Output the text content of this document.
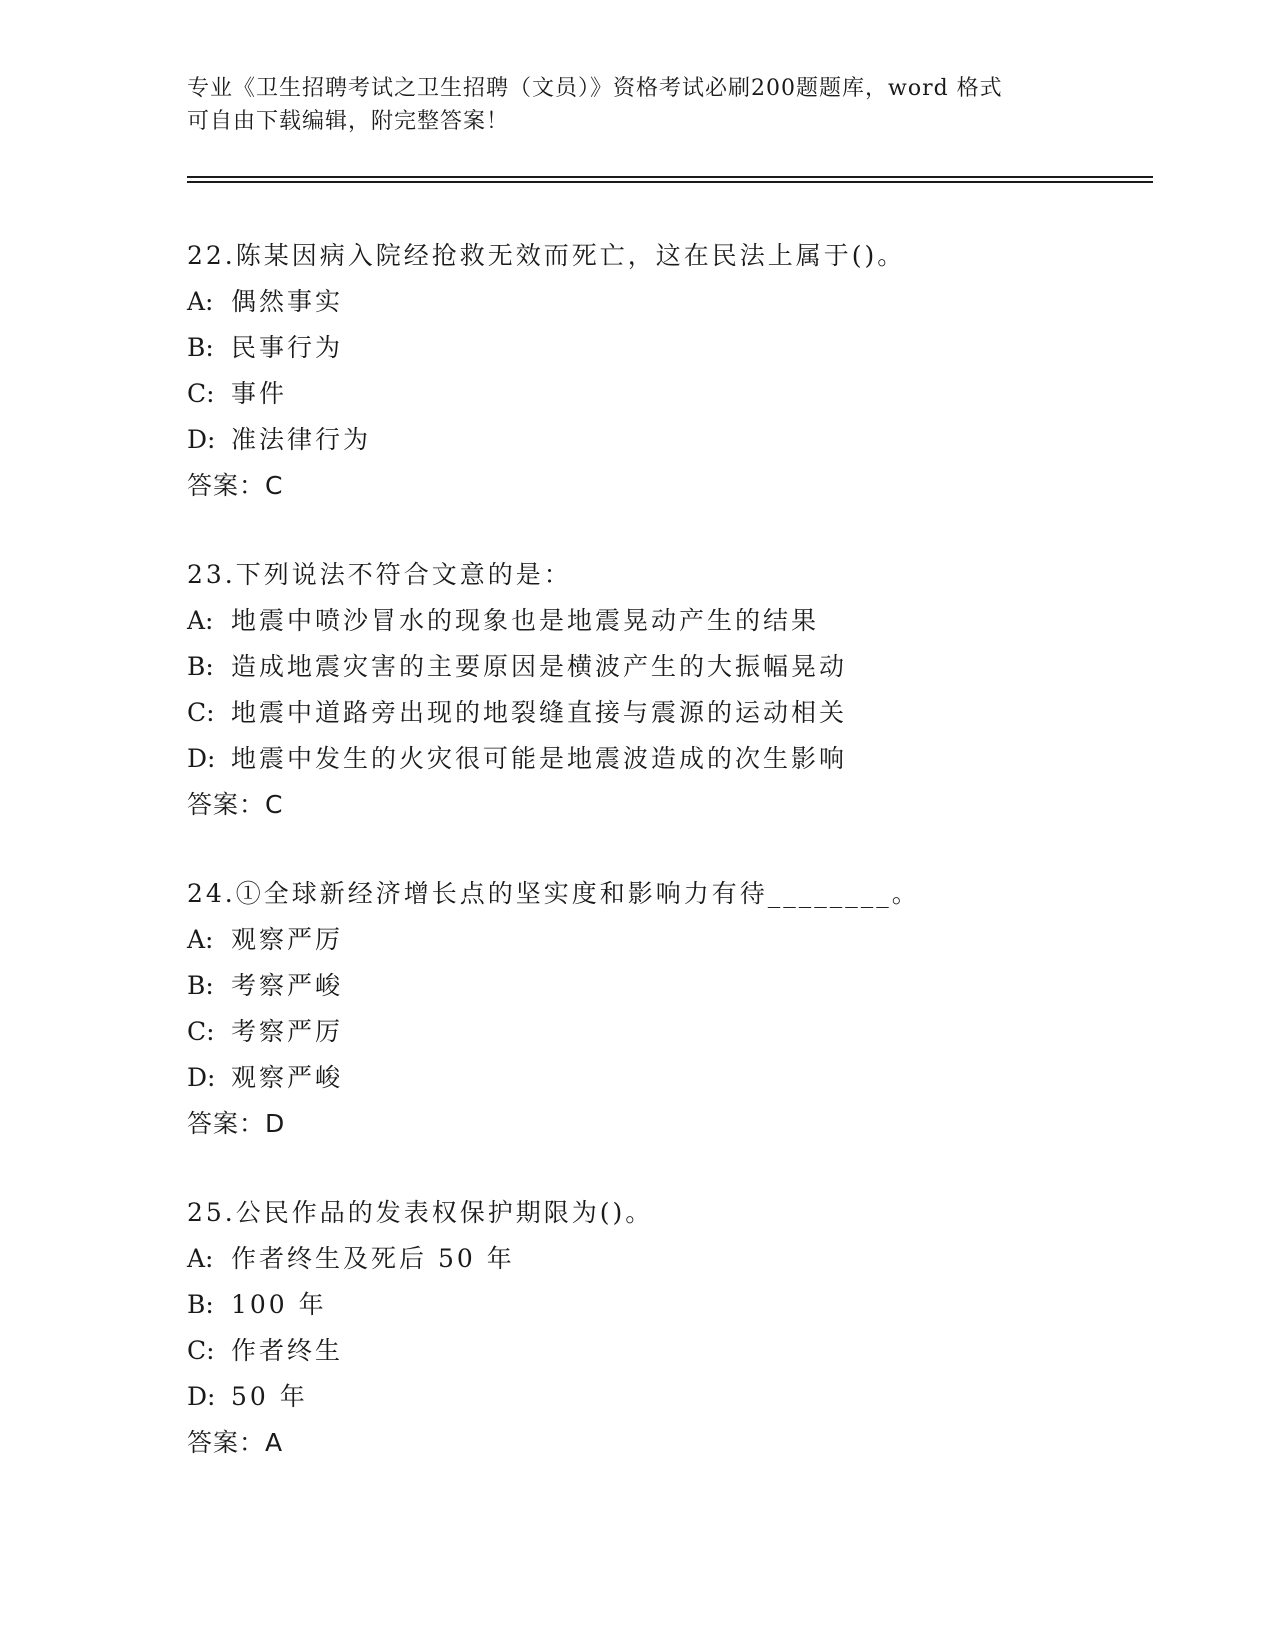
专业《卫生招聘考试之卫生招聘（文员）》资格考试必刷200题题库，word 格式
可自由下载编辑，附完整答案！
22.陈某因病入院经抢救无效而死亡，这在民法上属于()。
A: 偶然事实
B: 民事行为
C: 事件
D: 准法律行为
答案：C
23.下列说法不符合文意的是：
A: 地震中喷沙冒水的现象也是地震晃动产生的结果
B: 造成地震灾害的主要原因是横波产生的大振幅晃动
C: 地震中道路旁出现的地裂缝直接与震源的运动相关
D: 地震中发生的火灾很可能是地震波造成的次生影响
答案：C
24.①全球新经济增长点的坚实度和影响力有待________。
A: 观察严厉
B: 考察严峻
C: 考察严厉
D: 观察严峻
答案：D
25.公民作品的发表权保护期限为()。
A: 作者终生及死后 50 年
B: 100 年
C: 作者终生
D: 50 年
答案：A
